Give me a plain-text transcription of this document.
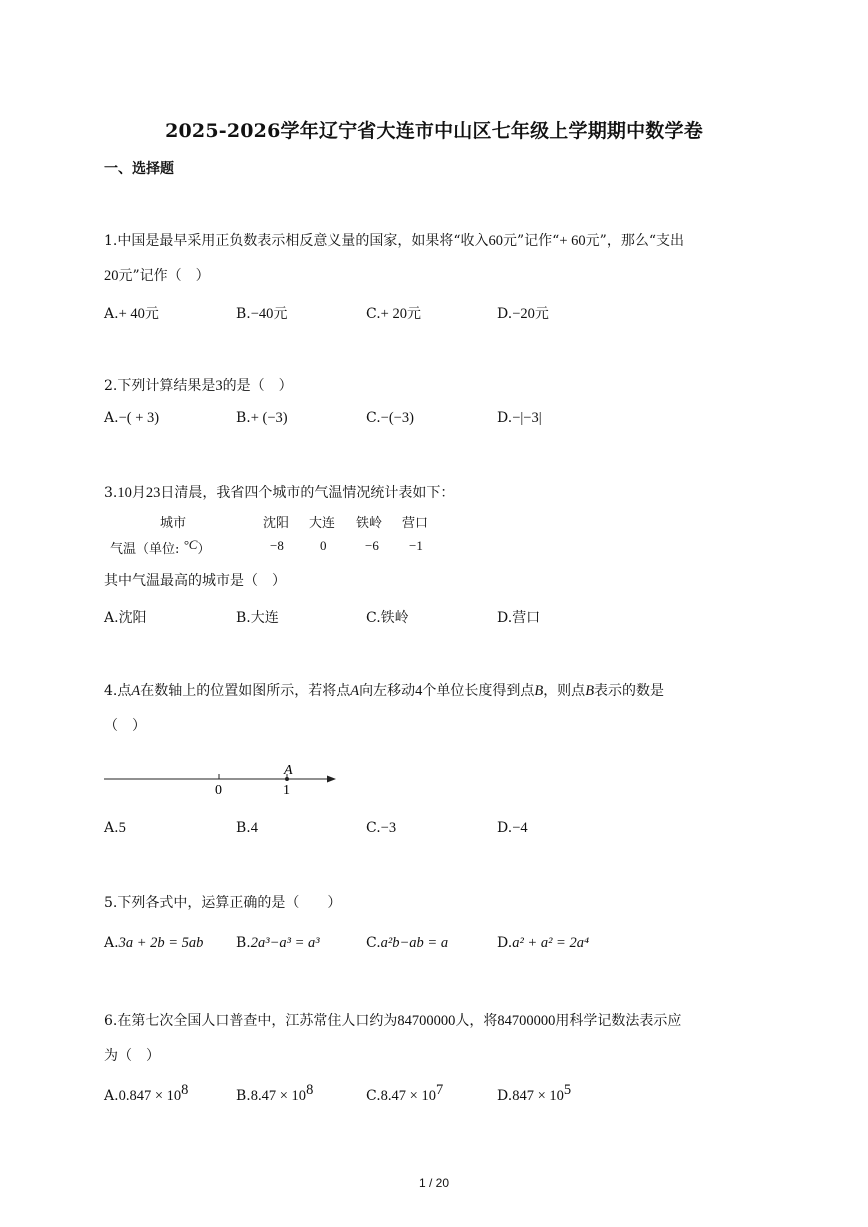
2025-2026学年辽宁省大连市中山区七年级上学期期中数学卷
一、选择题
1.中国是最早采用正负数表示相反意义量的国家，如果将“收入60元”记作“+ 60元”，那么“支出
20元”记作（　）
A.+ 40元	B.−40元	C.+ 20元	D.−20元
2.下列计算结果是3的是（　）
A.−( + 3)	B.+ (−3)	C.−(−3)	D.−|−3|
3.10月23日清晨，我省四个城市的气温情况统计表如下：
城市	沈阳 大连 铁岭 营口
气温（单位: °C）	−8	0	−6 −1
其中气温最高的城市是（　）
A.沈阳	B.大连	C.铁岭	D.营口
4.点A在数轴上的位置如图所示，若将点A向左移动4个单位长度得到点B，则点B表示的数是
（　）
A
0	1
A.5	B.4	C.−3	D.−4
5.下列各式中，运算正确的是（　　）
A.3a + 2b = 5ab B.2a³−a³ = a³	C.a²b−ab = a	D.a² + a² = 2a⁴
6.在第七次全国人口普查中，江苏常住人口约为84700000人，将84700000用科学记数法表示应
为（　）
$A.0.847 \times 10^8$	$B.8.47 \times 10^8$	$C.8.47 \times 10^7$	$D.847 \times 10^5$
1 / 20
